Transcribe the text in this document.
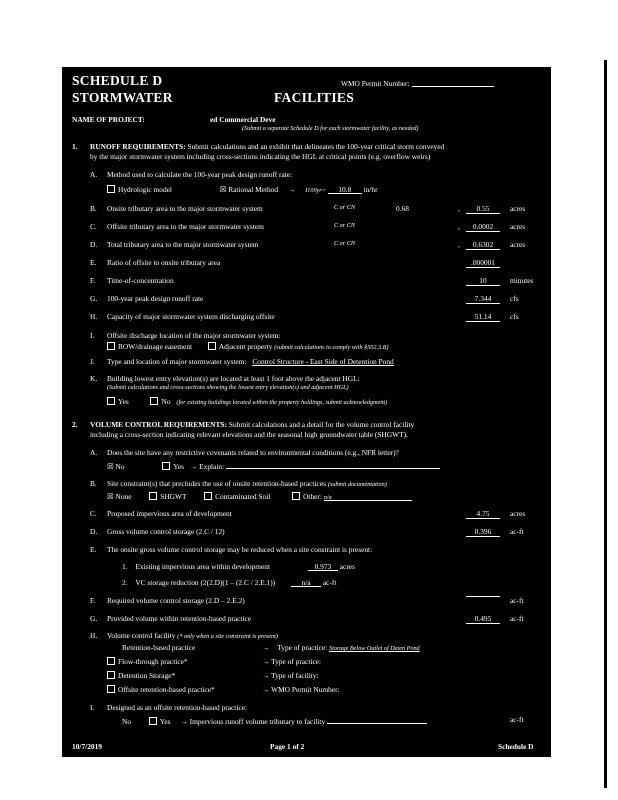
SCHEDULE D	WMO Permit Number:
STORMWATER	FACILITIES
NAME OF PROJECT:	ed Commercial Deve
(Submit a separate Schedule D for each stormwater facility, as needed)
1. RUNOFF REQUIREMENTS: Submit calculations and an exhibit that delineates the 100-year critical storm conveyed
by the major stormwater system including cross-sections indicating the HGL at critical points (e.g. overflow weirs)
A. Method used to calculate the 100-year peak design runoff rate:
Hydrologic model	☒ Rational Method → I100yr= 10.8 in/hr
B. Onsite tributary area to the major stormwater system	C or CN	0.68	,	0.55	acres
C. Offsite tributary area to the major stormwater system	C or CN	,	0.0002	acres
D. Total tributary area to the major stormwater system	C or CN	,	0.6302	acres
E. Ratio of offsite to onsite tributary area	.000001
F. Time-of-concentration	10	minutes
G. 100-year peak design runoff rate	7.344	cfs
H. Capacity of major stormwater system discharging offsite	51.14	cfs
I. Offsite discharge location of the major stormwater system:
ROW/drainage easement	Adjacent property (submit calculations to comply with §502.3.B)
J. Type and location of major stormwater system: Control Structure - East Side of Detention Pond
K. Building lowest entry elevation(s) are located at least 1 foot above the adjacent HGL:
(Submit calculations and cross-sections showing the lowest entry elevation(s) and adjacent HGL)
Yes	No (for existing buildings located within the property holdings, submit acknowledgment)
2. VOLUME CONTROL REQUIREMENTS: Submit calculations and a detail for the volume control facility
including a cross-section indicating relevant elevations and the seasonal high groundwater table (SHGWT).
A. Does the site have any restrictive covenants related to environmental conditions (e.g., NFR letter)?
☒ No	Yes → Explain:
B. Site constraint(s) that precludes the use of onsite retention-based practices (submit documentation)
☒ None	SHGWT	Contaminated Soil	Other: n/a
C. Proposed impervious area of development	4.75	acres
D. Gross volume control storage (2.C / 12)	0.396	ac-ft
E. The onsite gross volume control storage may be reduced when a site constraint is present:
1. Existing impervious area within development	0.973 acres
2. VC storage reduction (2(2.D)(1 – (2.C / 2.E.1))	n/a ac-ft
F. Required volume control storage (2.D – 2.E.2)	ac-ft
G. Provided volume within retention-based practice	0.495	ac-ft
H. Volume control facility (* only when a site constraint is present)
Retention-based practice	→ Type of practice: Storage Below Outlet of Deten Pond
Flow-through practice*	→ Type of practice:
Detention Storage*	→ Type of facility:
Offsite retention-based practice*	→ WMO Permit Number:
I. Designed as an offsite retention-based practice:
No	Yes → Impervious runoff volume tributary to facility	ac-ft
10/7/2019	Page 1 of 2	Schedule D
